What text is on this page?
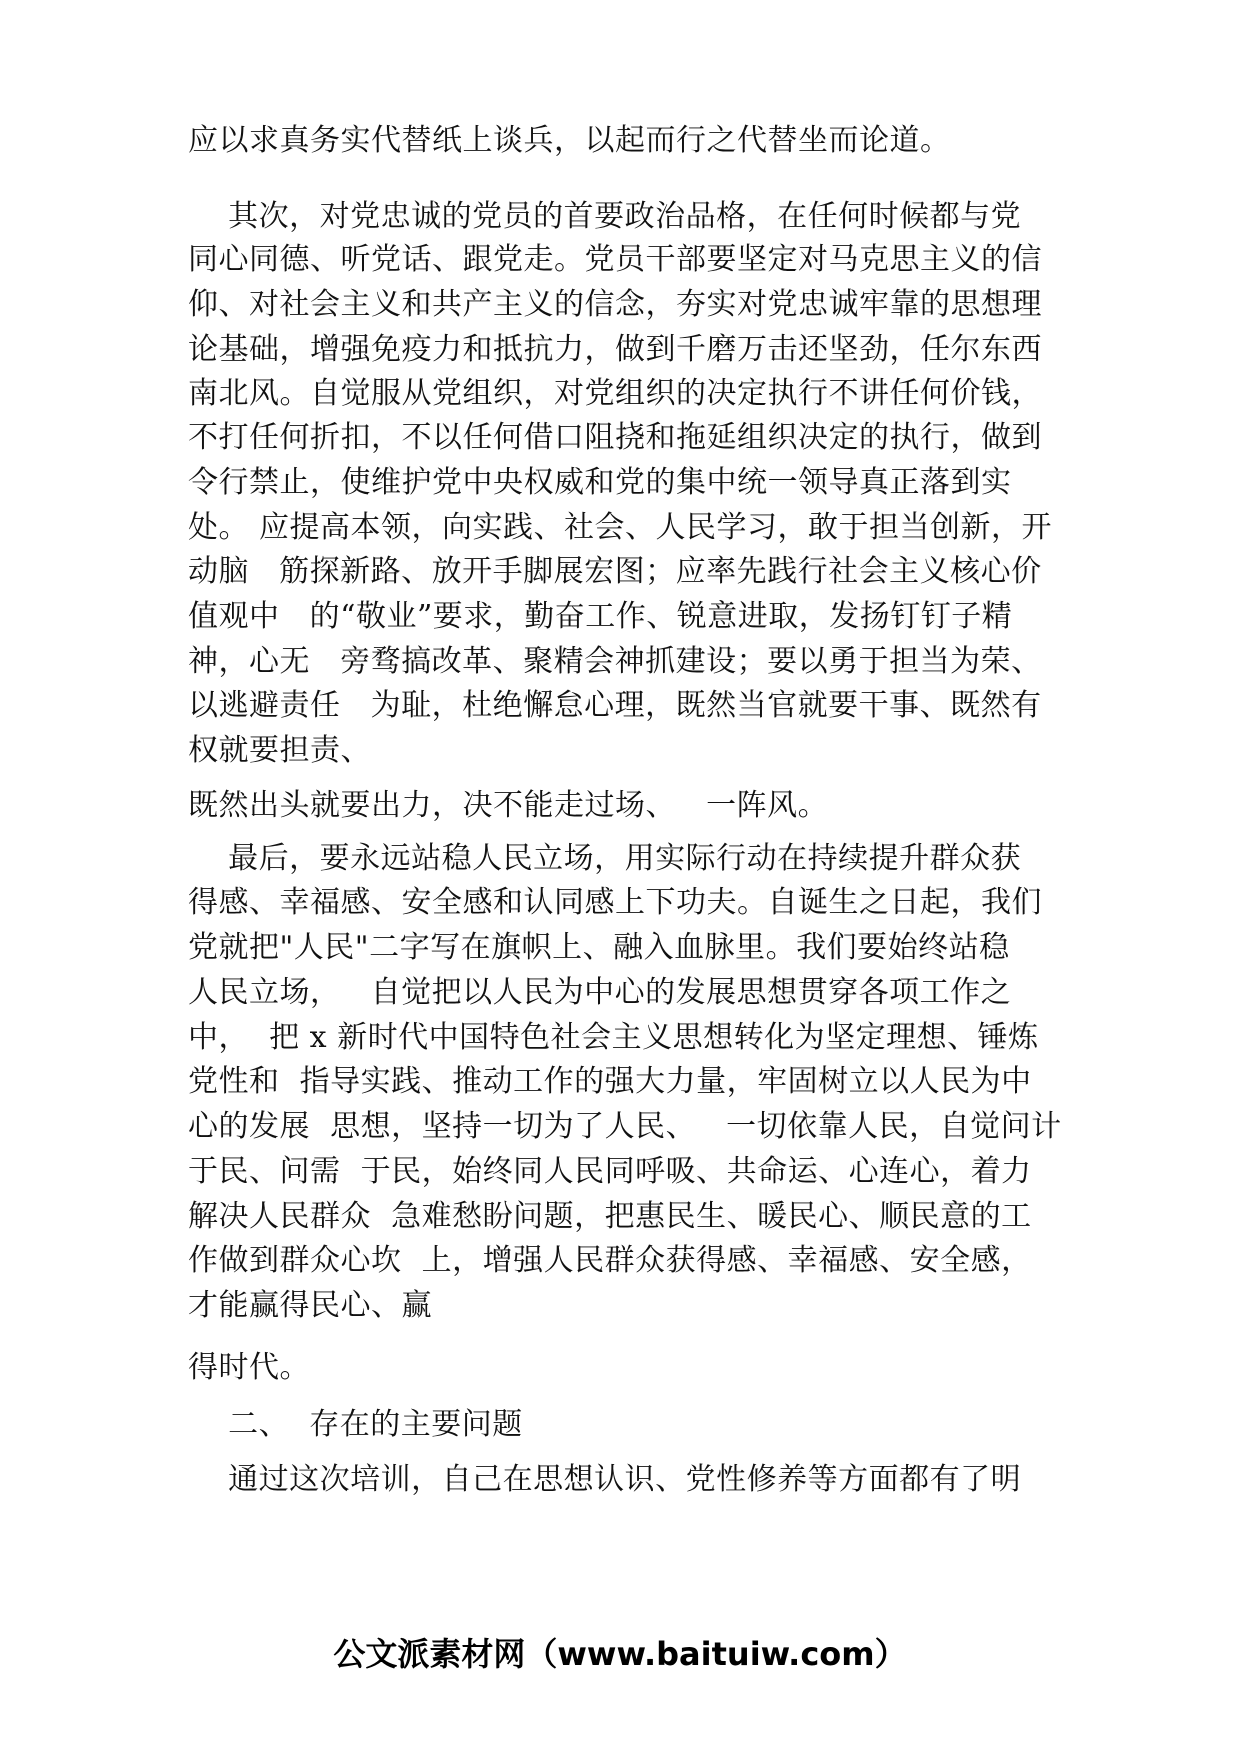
应以求真务实代替纸上谈兵，以起而行之代替坐而论道。
其次，对党忠诚的党员的首要政治品格，在任何时候都与党
同心同德、听党话、跟党走。党员干部要坚定对马克思主义的信
仰、对社会主义和共产主义的信念，夯实对党忠诚牢靠的思想理
论基础，增强免疫力和抵抗力，做到千磨万击还坚劲，任尔东西
南北风。自觉服从党组织，对党组织的决定执行不讲任何价钱，
不打任何折扣，不以任何借口阻挠和拖延组织决定的执行，做到
令行禁止，使维护党中央权威和党的集中统一领导真正落到实
处。 应提高本领，向实践、社会、人民学习，敢于担当创新，开
动脑   筋探新路、放开手脚展宏图；应率先践行社会主义核心价
值观中   的“敬业”要求，勤奋工作、锐意进取，发扬钉钉子精
神，心无   旁骛搞改革、聚精会神抓建设；要以勇于担当为荣、
以逃避责任   为耻，杜绝懈怠心理，既然当官就要干事、既然有
权就要担责、
既然出头就要出力，决不能走过场、   一阵风。
最后，要永远站稳人民立场，用实际行动在持续提升群众获
得感、幸福感、安全感和认同感上下功夫。自诞生之日起，我们
党就把"人民"二字写在旗帜上、融入血脉里。我们要始终站稳
人民立场，   自觉把以人民为中心的发展思想贯穿各项工作之
中，  把 x 新时代中国特色社会主义思想转化为坚定理想、锤炼
党性和  指导实践、推动工作的强大力量，牢固树立以人民为中
心的发展  思想，坚持一切为了人民、   一切依靠人民，自觉问计
于民、问需  于民，始终同人民同呼吸、共命运、心连心，着力
解决人民群众  急难愁盼问题，把惠民生、暖民心、顺民意的工
作做到群众心坎  上，增强人民群众获得感、幸福感、安全感，
才能赢得民心、赢
得时代。
二、  存在的主要问题
通过这次培训，自己在思想认识、党性修养等方面都有了明
公文派素材网（www.baituiw.com）
